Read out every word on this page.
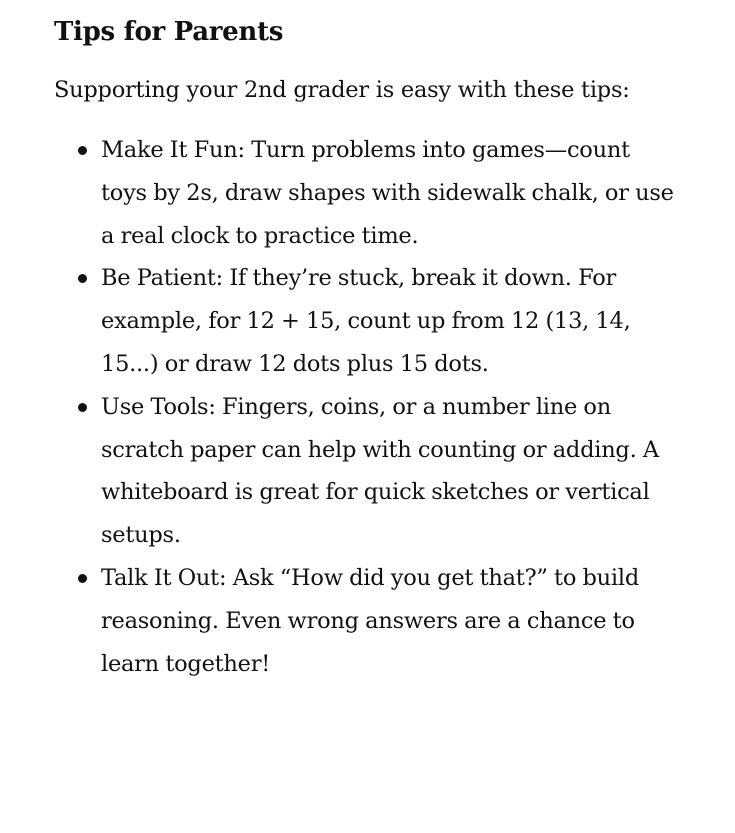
Tips for Parents

Supporting your 2nd grader is easy with these tips:

Make It Fun: Turn problems into games—count toys by 2s, draw shapes with sidewalk chalk, or use a real clock to practice time.
Be Patient: If they’re stuck, break it down. For example, for 12 + 15, count up from 12 (13, 14, 15...) or draw 12 dots plus 15 dots.
Use Tools: Fingers, coins, or a number line on scratch paper can help with counting or adding. A whiteboard is great for quick sketches or vertical setups.
Talk It Out: Ask “How did you get that?” to build reasoning. Even wrong answers are a chance to learn together!
